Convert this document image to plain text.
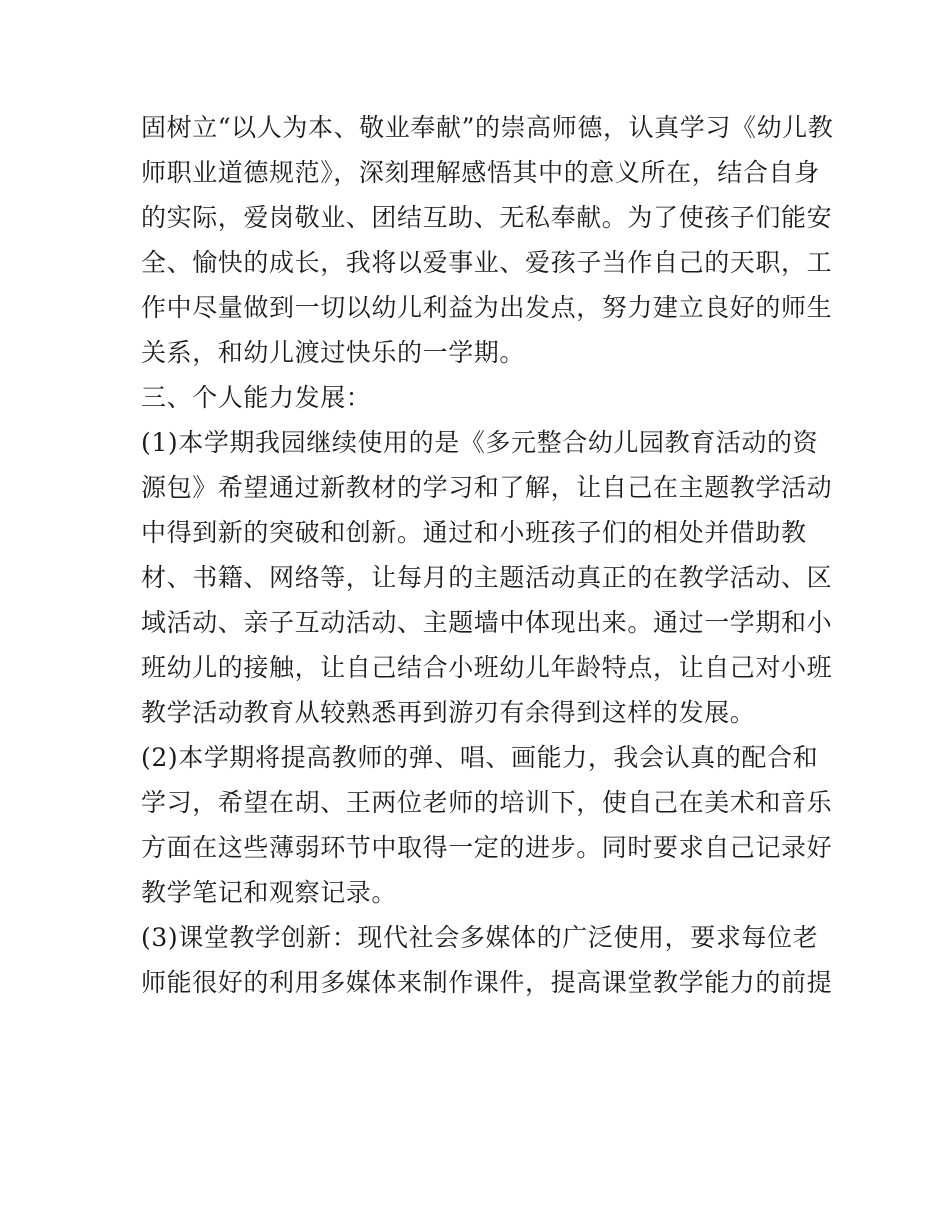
固树立“以人为本、敬业奉献”的崇高师德，认真学习《幼儿教
师职业道德规范》，深刻理解感悟其中的意义所在，结合自身
的实际，爱岗敬业、团结互助、无私奉献。为了使孩子们能安
全、愉快的成长，我将以爱事业、爱孩子当作自己的天职，工
作中尽量做到一切以幼儿利益为出发点，努力建立良好的师生
关系，和幼儿渡过快乐的一学期。
三、个人能力发展：
(1)本学期我园继续使用的是《多元整合幼儿园教育活动的资
源包》希望通过新教材的学习和了解，让自己在主题教学活动
中得到新的突破和创新。通过和小班孩子们的相处并借助教
材、书籍、网络等，让每月的主题活动真正的在教学活动、区
域活动、亲子互动活动、主题墙中体现出来。通过一学期和小
班幼儿的接触，让自己结合小班幼儿年龄特点，让自己对小班
教学活动教育从较熟悉再到游刃有余得到这样的发展。
(2)本学期将提高教师的弹、唱、画能力，我会认真的配合和
学习，希望在胡、王两位老师的培训下，使自己在美术和音乐
方面在这些薄弱环节中取得一定的进步。同时要求自己记录好
教学笔记和观察记录。
(3)课堂教学创新：现代社会多媒体的广泛使用，要求每位老
师能很好的利用多媒体来制作课件，提高课堂教学能力的前提
